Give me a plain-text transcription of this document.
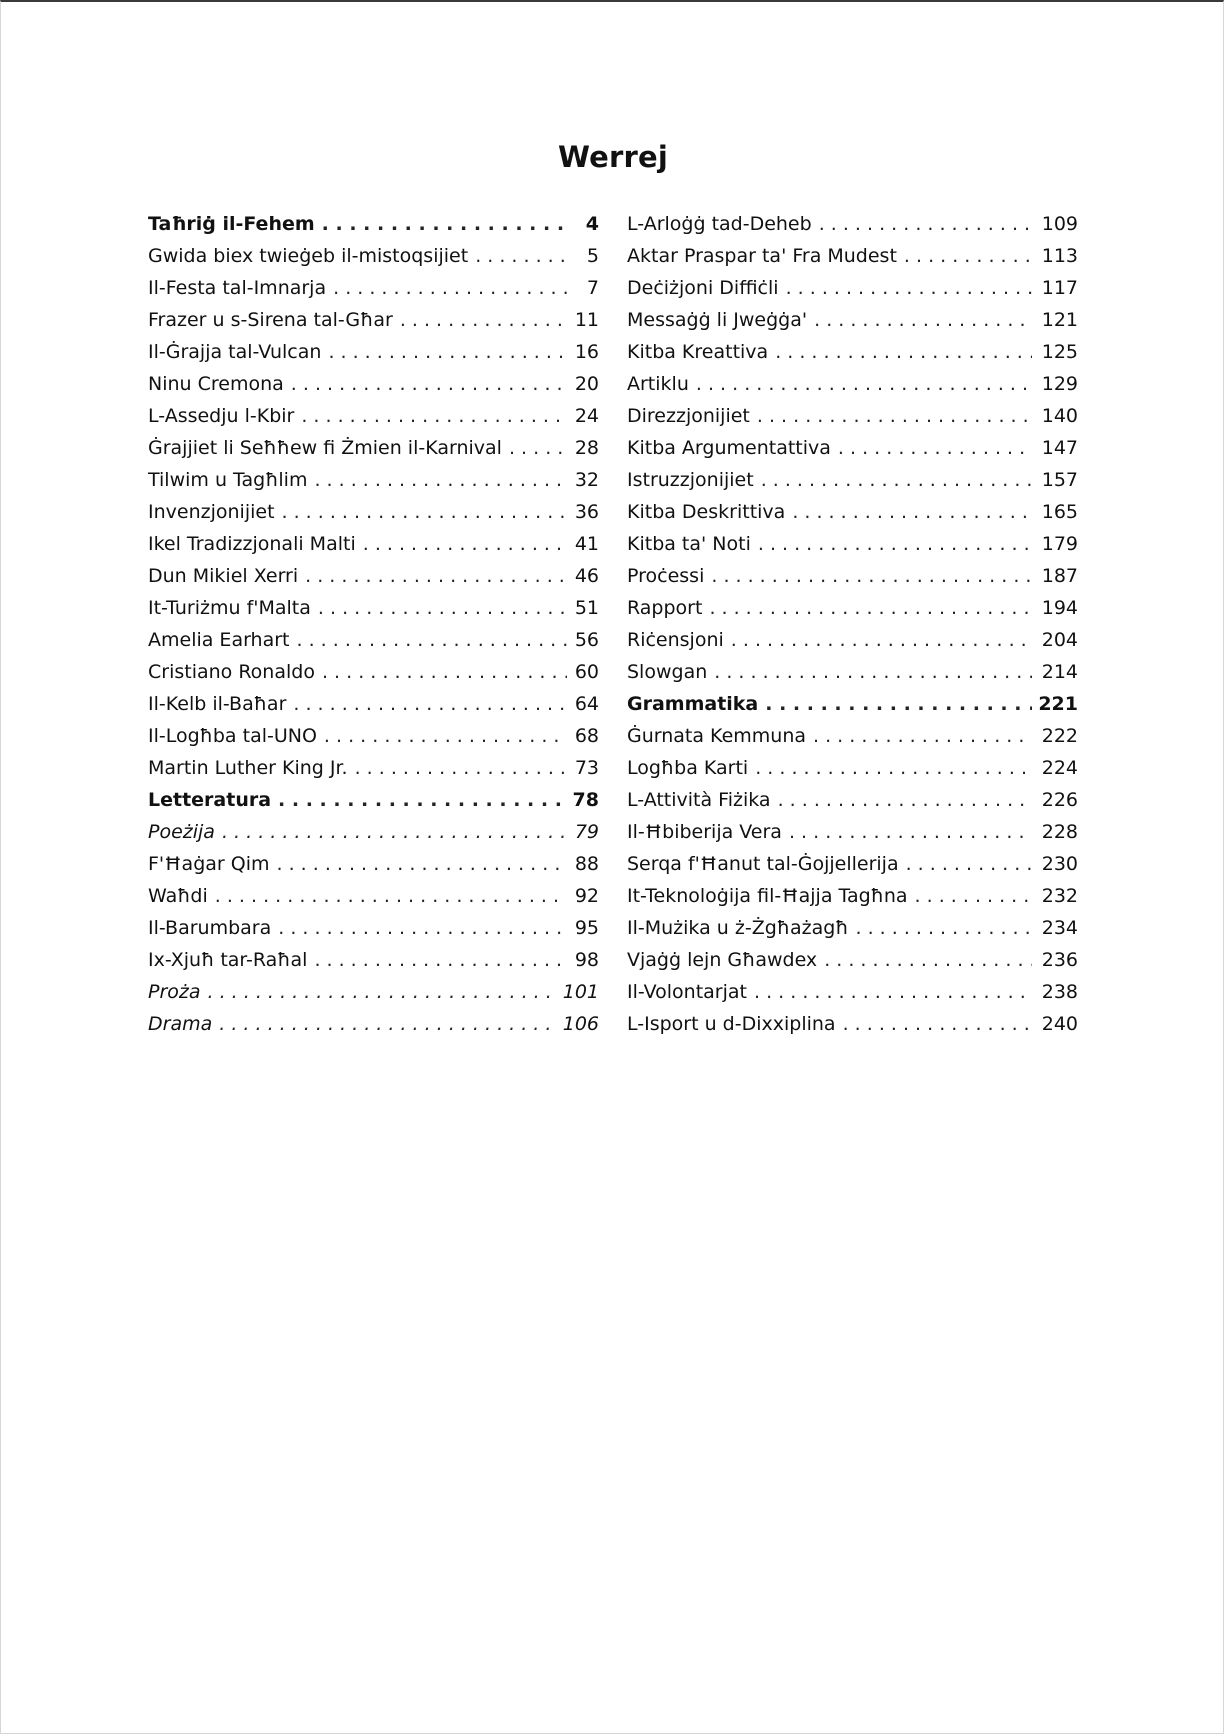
Werrej
Taħriġ il-Fehem . . .	4
Gwida biex twieġeb il-mistoqsijiet . . .	5
Il-Festa tal-Imnarja . . .	7
Frazer u s-Sirena tal-Għar . . .	11
Il-Ġrajja tal-Vulcan . . .	16
Ninu Cremona . . .	20
L-Assedju l-Kbir . . .	24
Ġrajjiet li Seħħew fi Żmien il-Karnival . . .	28
Tilwim u Tagħlim . . .	32
Invenzjonijiet . . .	36
Ikel Tradizzjonali Malti . . .	41
Dun Mikiel Xerri . . .	46
It-Turiżmu f'Malta . . .	51
Amelia Earhart . . .	56
Cristiano Ronaldo . . .	60
Il-Kelb il-Baħar . . .	64
Il-Logħba tal-UNO . . .	68
Martin Luther King Jr. . . .	73
Letteratura . . .	78
Poeżija . . .	79
F'Ħaġar Qim . . .	88
Waħdi . . .	92
Il-Barumbara . . .	95
Ix-Xjuħ tar-Raħal . . .	98
Proża . . .	101
Drama . . .	106
L-Arloġġ tad-Deheb . . .	109
Aktar Praspar ta' Fra Mudest . . .	113
Deċiżjoni Diffiċli . . .	117
Messaġġ li Jweġġa' . . .	121
Kitba Kreattiva . . .	125
Artiklu . . .	129
Direzzjonijiet . . .	140
Kitba Argumentattiva . . .	147
Istruzzjonijiet . . .	157
Kitba Deskrittiva . . .	165
Kitba ta' Noti . . .	179
Proċessi . . .	187
Rapport . . .	194
Riċensjoni . . .	204
Slowgan . . .	214
Grammatika . . .	221
Ġurnata Kemmuna . . .	222
Logħba Karti . . .	224
L-Attività Fiżika . . .	226
Il-Ħbiberija Vera . . .	228
Serqa f'Ħanut tal-Ġojjellerija . . .	230
It-Teknoloġija fil-Ħajja Tagħna . . .	232
Il-Mużika u ż-Żgħażagħ . . .	234
Vjaġġ lejn Għawdex . . .	236
Il-Volontarjat . . .	238
L-Isport u d-Dixxiplina . . .	240
